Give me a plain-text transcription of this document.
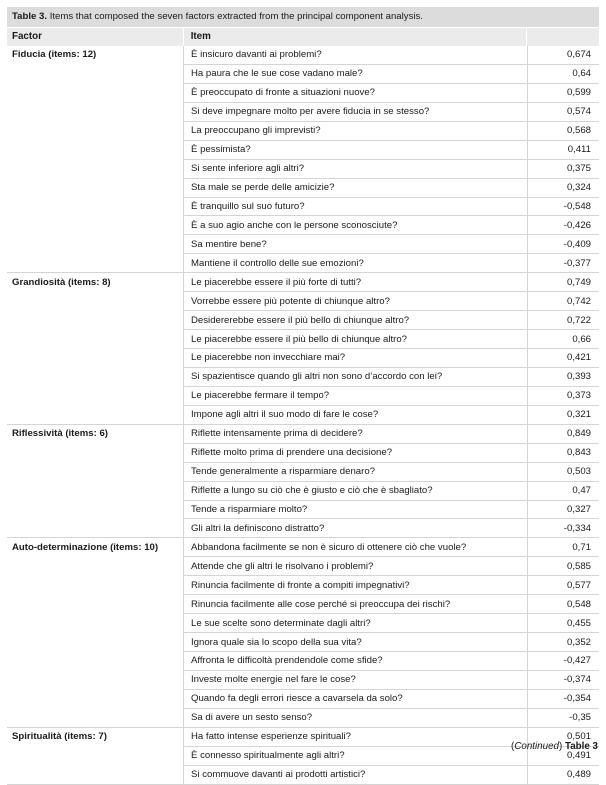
Table 3. Items that composed the seven factors extracted from the principal component analysis.
Factor	Item
Fiducia (items: 12)	È insicuro davanti ai problemi?	0,674
Ha paura che le sue cose vadano male?	0,64
È preoccupato di fronte a situazioni nuove?	0,599
Si deve impegnare molto per avere fiducia in se stesso?	0,574
La preoccupano gli imprevisti?	0,568
È pessimista?	0,411
Si sente inferiore agli altri?	0,375
Sta male se perde delle amicizie?	0,324
È tranquillo sul suo futuro?	-0,548
È a suo agio anche con le persone sconosciute?	-0,426
Sa mentire bene?	-0,409
Mantiene il controllo delle sue emozioni?	-0,377
Grandiosità (items: 8)	Le piacerebbe essere il più forte di tutti?	0,749
Vorrebbe essere più potente di chiunque altro?	0,742
Desidererebbe essere il più bello di chiunque altro?	0,722
Le piacerebbe essere il più bello di chiunque altro?	0,66
Le piacerebbe non invecchiare mai?	0,421
Si spazientisce quando gli altri non sono d’accordo con lei?	0,393
Le piacerebbe fermare il tempo?	0,373
Impone agli altri il suo modo di fare le cose?	0,321
Riflessività (items: 6)	Riflette intensamente prima di decidere?	0,849
Riflette molto prima di prendere una decisione?	0,843
Tende generalmente a risparmiare denaro?	0,503
Riflette a lungo su ciò che è giusto e ciò che è sbagliato?	0,47
Tende a risparmiare molto?	0,327
Gli altri la definiscono distratto?	-0,334
Auto-determinazione (items: 10)	Abbandona facilmente se non è sicuro di ottenere ciò che vuole?	0,71
Attende che gli altri le risolvano i problemi?	0,585
Rinuncia facilmente di fronte a compiti impegnativi?	0,577
Rinuncia facilmente alle cose perché si preoccupa dei rischi?	0,548
Le sue scelte sono determinate dagli altri?	0,455
Ignora quale sia lo scopo della sua vita?	0,352
Affronta le difficoltà prendendole come sfide?	-0,427
Investe molte energie nel fare le cose?	-0,374
Quando fa degli errori riesce a cavarsela da solo?	-0,354
Sa di avere un sesto senso?	-0,35
Spiritualità (items: 7)	Ha fatto intense esperienze spirituali?	0,501
È connesso spiritualmente agli altri?	0,491
Si commuove davanti ai prodotti artistici?	0,489
(Continued) Table 3
